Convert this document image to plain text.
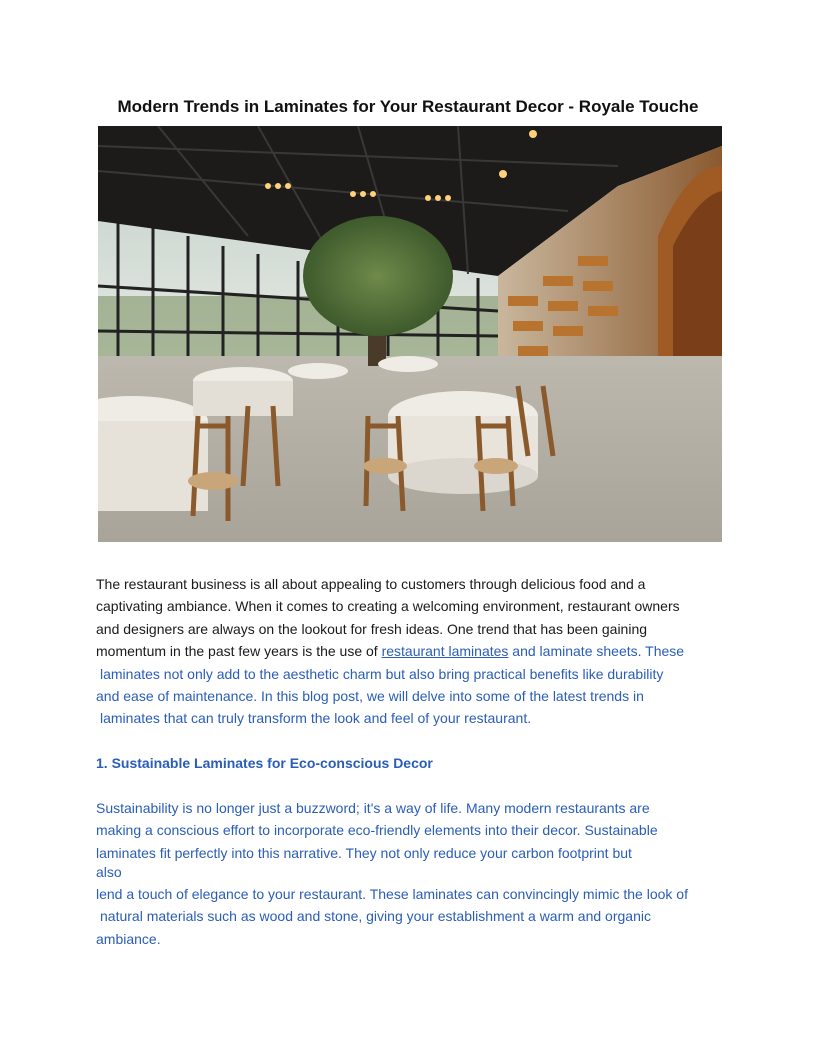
Modern Trends in Laminates for Your Restaurant Decor - Royale Touche
The restaurant business is all about appealing to customers through delicious food and a
captivating ambiance. When it comes to creating a welcoming environment, restaurant owners
and designers are always on the lookout for fresh ideas. One trend that has been gaining
momentum in the past few years is the use of restaurant laminates and laminate sheets. These
laminates not only add to the aesthetic charm but also bring practical benefits like durability
and ease of maintenance. In this blog post, we will delve into some of the latest trends in
laminates that can truly transform the look and feel of your restaurant.
1. Sustainable Laminates for Eco-conscious Decor
Sustainability is no longer just a buzzword; it's a way of life. Many modern restaurants are
making a conscious effort to incorporate eco-friendly elements into their decor. Sustainable
laminates fit perfectly into this narrative. They not only reduce your carbon footprint but
also
lend a touch of elegance to your restaurant. These laminates can convincingly mimic the look of
natural materials such as wood and stone, giving your establishment a warm and organic
ambiance.
